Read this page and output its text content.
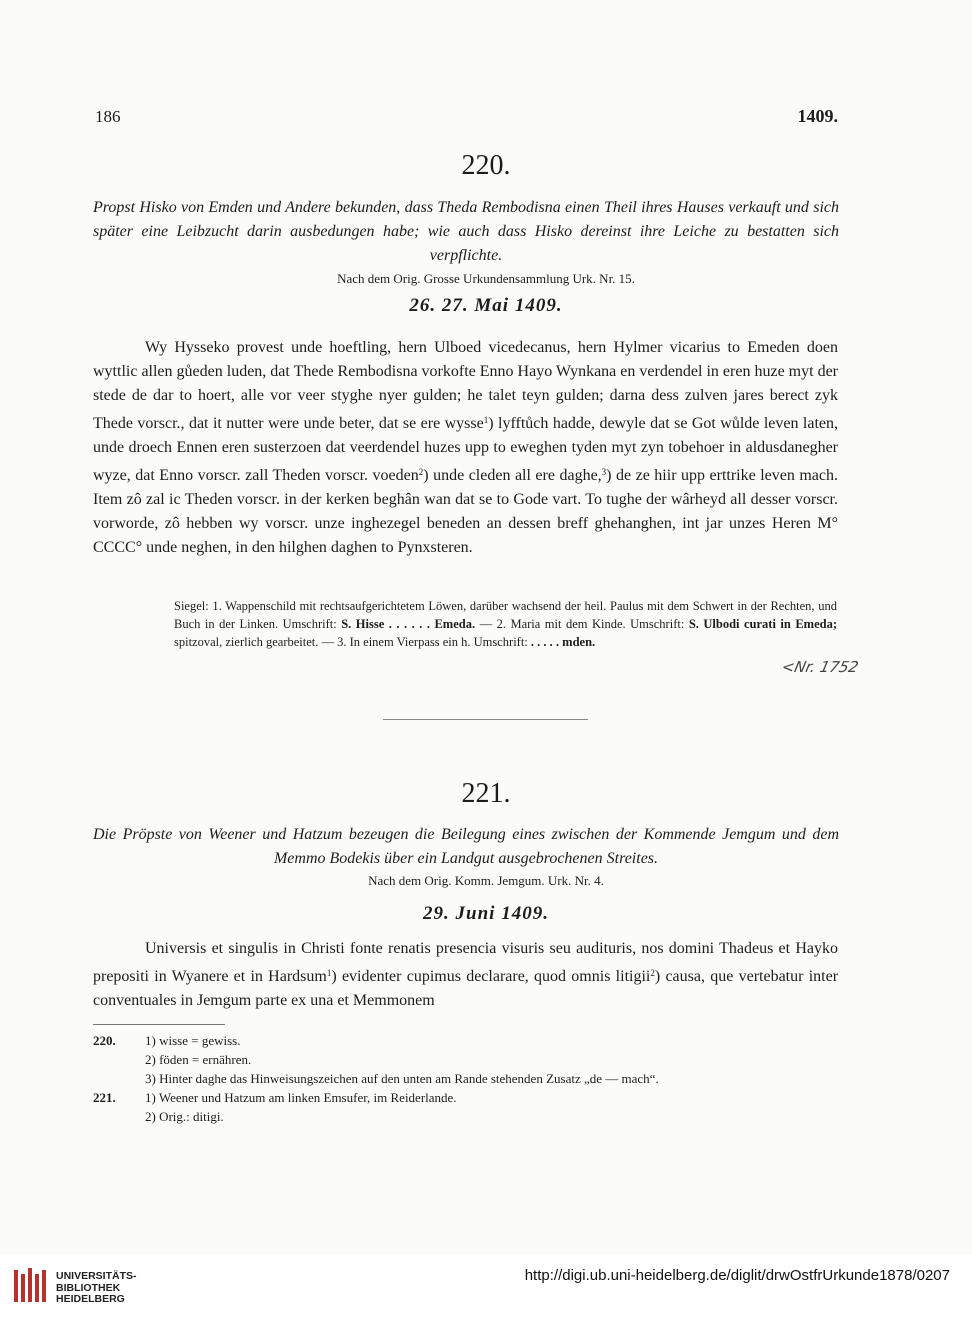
186	1409.
220.
Propst Hisko von Emden und Andere bekunden, dass Theda Rembodisna einen Theil ihres Hauses verkauft und sich später eine Leibzucht darin ausbedungen habe; wie auch dass Hisko dereinst ihre Leiche zu bestatten sich verpflichte.
Nach dem Orig. Grosse Urkundensammlung Urk. Nr. 15.
26. 27. Mai 1409.

Wy Hysseko provest unde hoeftling, hern Ulboed vicedecanus, hern Hylmer vicarius to Emeden doen wyttlic allen gůeden luden, dat Thede Rembodisna vorkofte Enno Hayo Wynkana en verdendel in eren huze myt der stede de dar to hoert, alle vor veer styghe nyer gulden; he talet teyn gulden; darna dess zulven jares berect zyk Thede vorscr., dat it nutter were unde beter, dat se ere wysse$^1$) lyfftůch hadde, dewyle dat se Got wůlde leven laten, unde droech Ennen eren susterzoen dat veerdendel huzes upp to eweghen tyden myt zyn tobehoer in aldusdanegher wyze, dat Enno vorscr. zall Theden vorscr. voeden$^2$) unde cleden all ere daghe,$^3$) de ze hiir upp erttrike leven mach. Item zô zal ic Theden vorscr. in der kerken beghân wan dat se to Gode vart. To tughe der wârheyd all desser vorscr. vorworde, zô hebben wy vorscr. unze inghezegel beneden an dessen breff ghehanghen, int jar unzes Heren M° CCCC° unde neghen, in den hilghen daghen to Pynxsteren.

Siegel: 1. Wappenschild mit rechtsaufgerichtetem Löwen, darüber wachsend der heil. Paulus mit dem Schwert in der Rechten, und Buch in der Linken. Umschrift: S. Hisse . . . . . . Emeda. — 2. Maria mit dem Kinde. Umschrift: S. Ulbodi curati in Emeda; spitzoval, zierlich gearbeitet. — 3. In einem Vierpass ein h. Umschrift: . . . . . mden.

<Nr. 1752
221.
Die Pröpste von Weener und Hatzum bezeugen die Beilegung eines zwischen der Kommende Jemgum und dem Memmo Bodekis über ein Landgut ausgebrochenen Streites.
Nach dem Orig. Komm. Jemgum. Urk. Nr. 4.
29. Juni 1409.

Universis et singulis in Christi fonte renatis presencia visuris seu audituris, nos domini Thadeus et Hayko prepositi in Wyanere et in Hardsum$^1$) evidenter cupimus declarare, quod omnis litigii$^2$) causa, que vertebatur inter conventuales in Jemgum parte ex una et Memmonem

220. 1) wisse = gewiss.
2) föden = ernähren.
3) Hinter daghe das Hinweisungszeichen auf den unten am Rande stehenden Zusatz „de — mach“.
221. 1) Weener und Hatzum am linken Emsufer, im Reiderlande.
2) Orig.: ditigi.
UNIVERSITÄTS-
BIBLIOTHEK
HEIDELBERG
http://digi.ub.uni-heidelberg.de/diglit/drwOstfrUrkunde1878/0207
